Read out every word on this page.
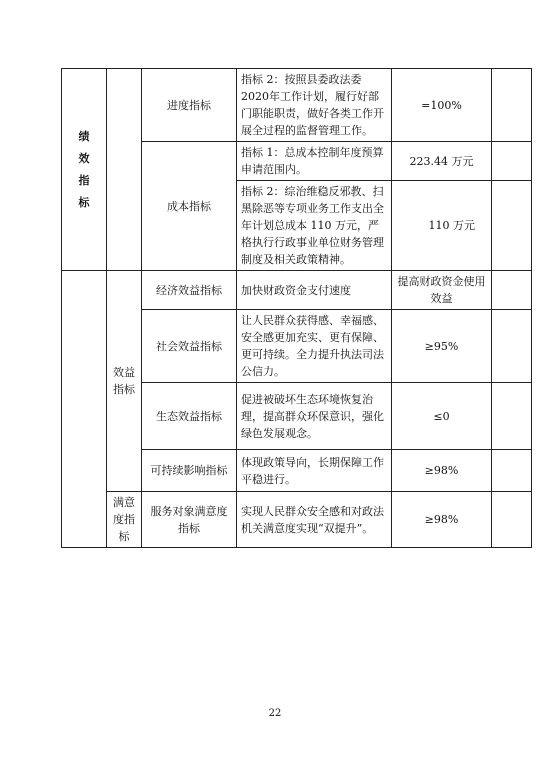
绩
效
指
标		进度指标	指标 2：按照县委政法委 2020年工作计划，履行好部门职能职责，做好各类工作开展全过程的监督管理工作。	=100%	
		成本指标	指标 1：总成本控制年度预算申请范围内。	223.44 万元	
			指标 2：综治维稳反邪教、扫黑除恶等专项业务工作支出全年计划总成本 110 万元，严格执行行政事业单位财务管理制度及相关政策精神。	110 万元	
	效益指标	经济效益指标	加快财政资金支付速度	提高财政资金使用效益	
		社会效益指标	让人民群众获得感、幸福感、安全感更加充实、更有保障、更可持续。全力提升执法司法公信力。	≥95%	
		生态效益指标	促进被破坏生态环境恢复治理，提高群众环保意识，强化绿色发展观念。	≤0	
		可持续影响指标	体现政策导向，长期保障工作平稳进行。	≥98%	
	满意度指标	服务对象满意度指标	实现人民群众安全感和对政法机关满意度实现“双提升”。	≥98%	
22
